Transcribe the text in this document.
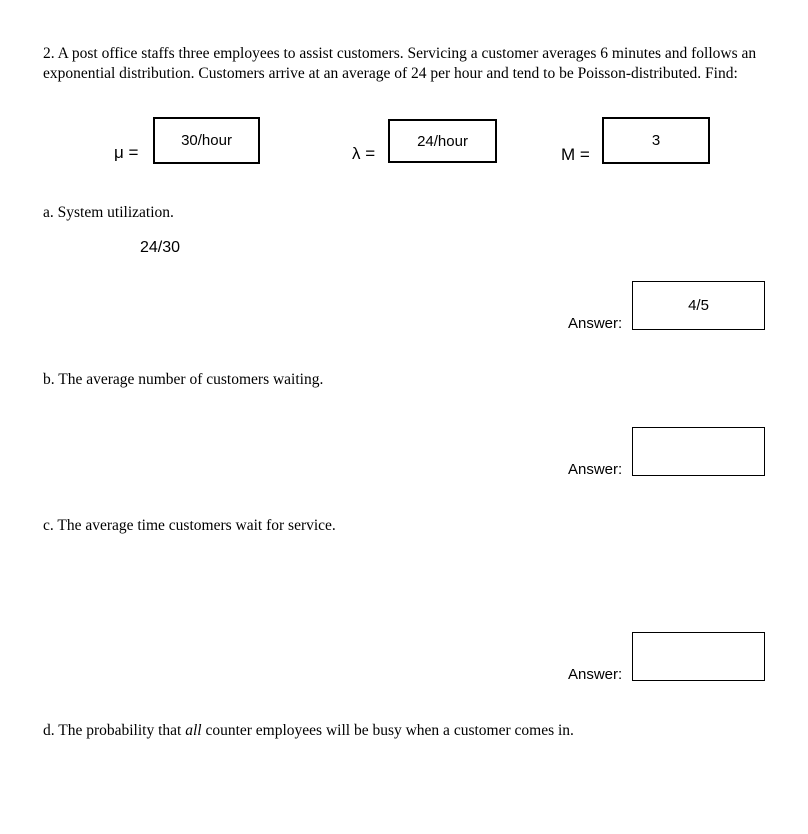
2. A post office staffs three employees to assist customers. Servicing a customer averages 6 minutes and follows an exponential distribution. Customers arrive at an average of 24 per hour and tend to be Poisson-distributed. Find:
μ =
30/hour	λ =
24/hour	M =
3
a. System utilization.
24/30
Answer:
4/5
b. The average number of customers waiting.
Answer:
c. The average time customers wait for service.
Answer:
d. The probability that all counter employees will be busy when a customer comes in.
